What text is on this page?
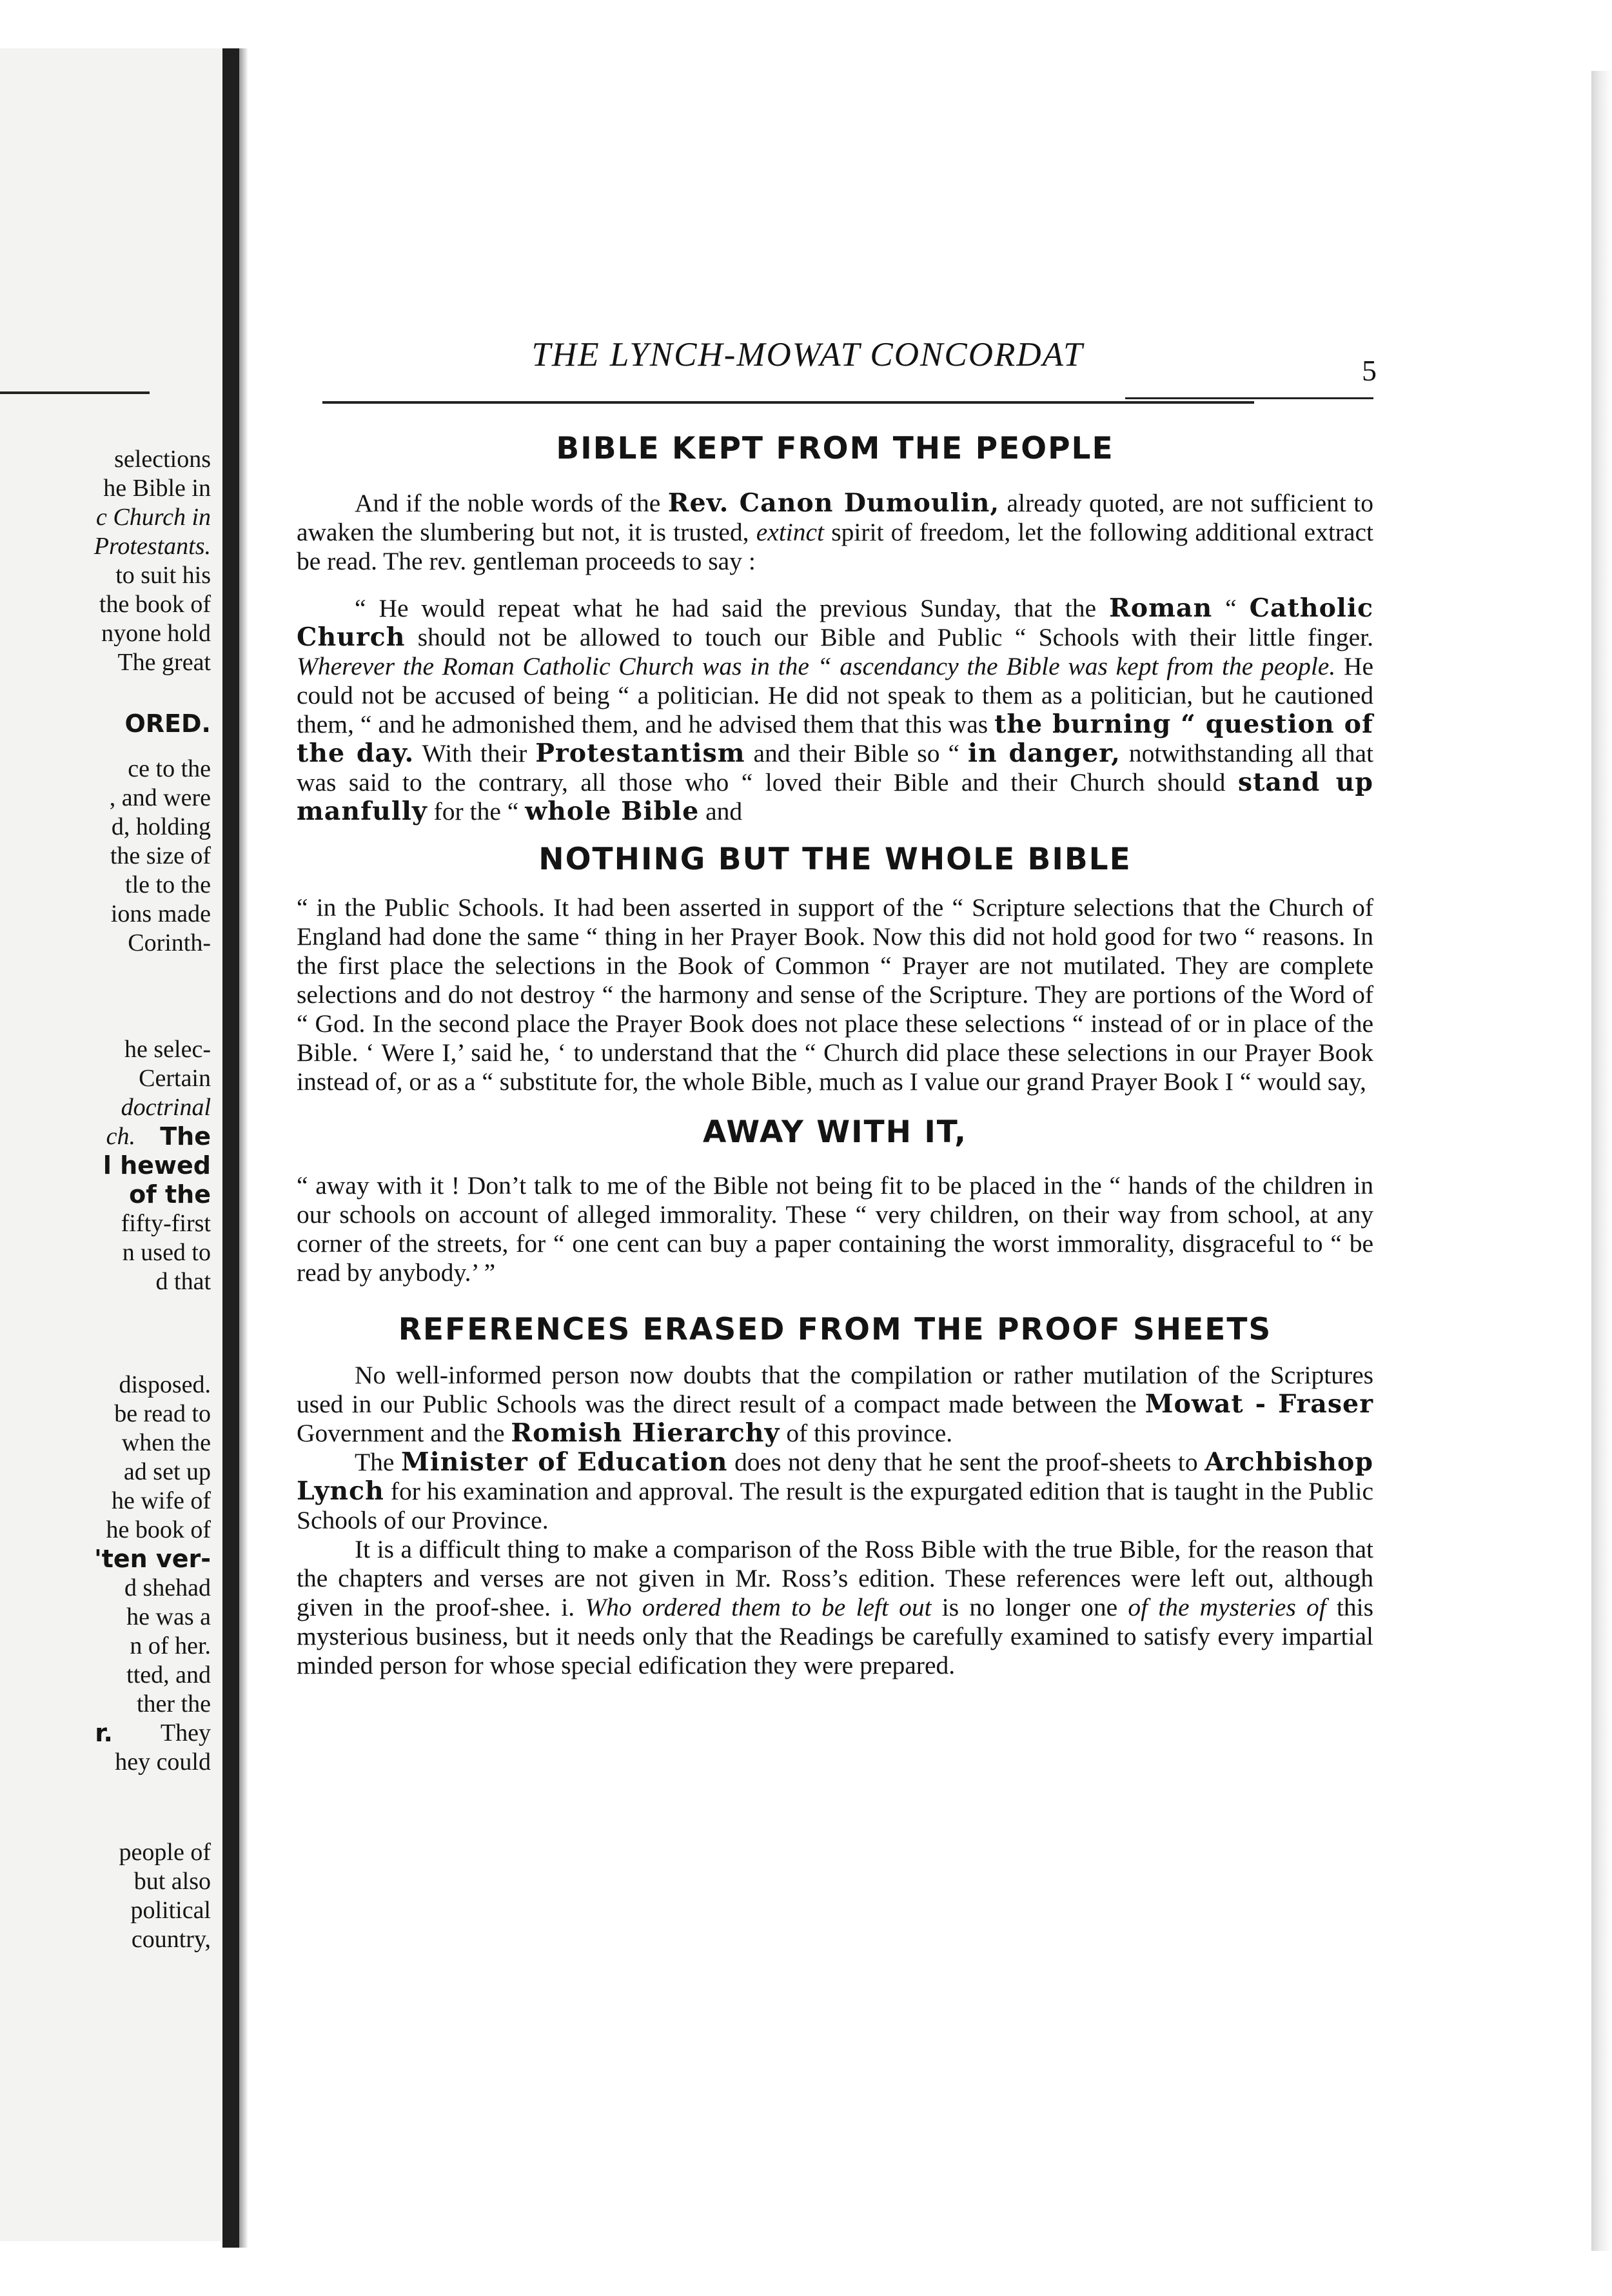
selections
he Bible in
c Church in
Protestants.
to suit his
the book of
nyone hold
The great
ORED.
ce to the
, and were
d, holding
the size of
tle to the
ions made
Corinth-
he selec-
Certain
doctrinal
ch. The
l hewed
of the
fifty-first
n used to
d that
disposed.
be read to
when the
ad set up
he wife of
he book of
'ten ver-
d shehad
he was a
n of her.
tted, and
ther the
r. They
hey could
people of
but also
political
country,
THE LYNCH-MOWAT CONCORDAT	5
BIBLE KEPT FROM THE PEOPLE

And if the noble words of the Rev. Canon Dumoulin, already quoted, are not sufficient to awaken the slumbering but not, it is trusted, extinct spirit of freedom, let the following additional extract be read. The rev. gentleman proceeds to say :

“ He would repeat what he had said the previous Sunday, that the Roman “ Catholic Church should not be allowed to touch our Bible and Public “ Schools with their little finger. Wherever the Roman Catholic Church was in the “ ascendancy the Bible was kept from the people. He could not be accused of being “ a politician. He did not speak to them as a politician, but he cautioned them, “ and he admonished them, and he advised them that this was the burning “ question of the day. With their Protestantism and their Bible so “ in danger, notwithstanding all that was said to the contrary, all those who “ loved their Bible and their Church should stand up manfully for the “ whole Bible and

NOTHING BUT THE WHOLE BIBLE

“ in the Public Schools. It had been asserted in support of the “ Scripture selections that the Church of England had done the same “ thing in her Prayer Book. Now this did not hold good for two “ reasons. In the first place the selections in the Book of Common “ Prayer are not mutilated. They are complete selections and do not destroy “ the harmony and sense of the Scripture. They are portions of the Word of “ God. In the second place the Prayer Book does not place these selections “ instead of or in place of the Bible. ‘ Were I,’ said he, ‘ to understand that the “ Church did place these selections in our Prayer Book instead of, or as a “ substitute for, the whole Bible, much as I value our grand Prayer Book I “ would say,

AWAY WITH IT,

“ away with it ! Don’t talk to me of the Bible not being fit to be placed in the “ hands of the children in our schools on account of alleged immorality. These “ very children, on their way from school, at any corner of the streets, for “ one cent can buy a paper containing the worst immorality, disgraceful to “ be read by anybody.’ ”

REFERENCES ERASED FROM THE PROOF SHEETS

No well-informed person now doubts that the compilation or rather mutilation of the Scriptures used in our Public Schools was the direct result of a compact made between the Mowat - Fraser Government and the Romish Hierarchy of this province.

The Minister of Education does not deny that he sent the proof-sheets to Archbishop Lynch for his examination and approval. The result is the expurgated edition that is taught in the Public Schools of our Province.

It is a difficult thing to make a comparison of the Ross Bible with the true Bible, for the reason that the chapters and verses are not given in Mr. Ross’s edition. These references were left out, although given in the proof-shee. i. Who ordered them to be left out is no longer one of the mysteries of this mysterious business, but it needs only that the Readings be carefully examined to satisfy every impartial minded person for whose special edification they were prepared.
